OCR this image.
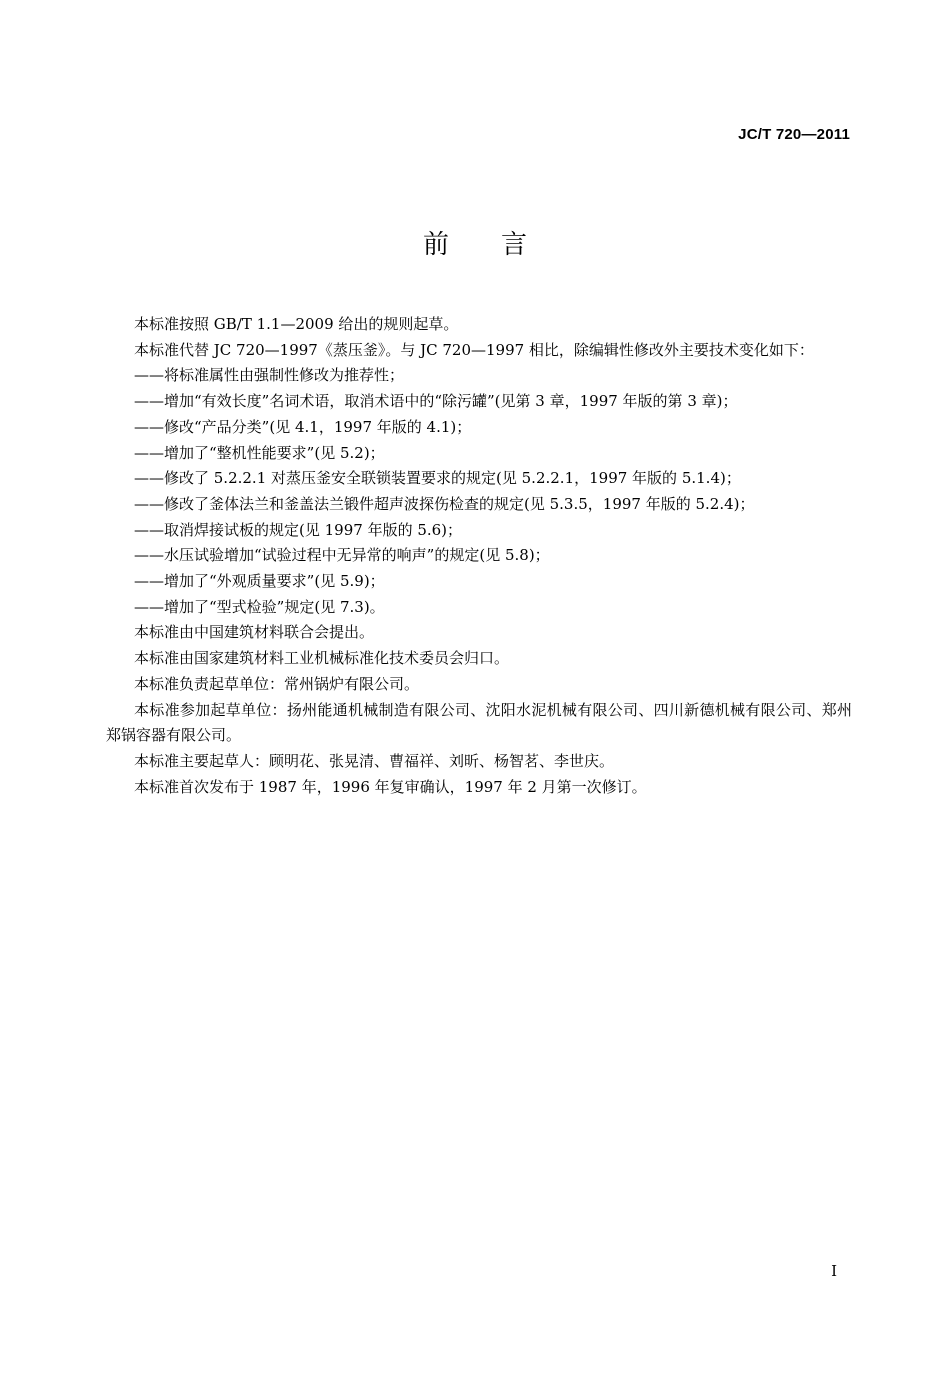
JC/T 720—2011
前言

本标准按照 GB/T 1.1—2009 给出的规则起草。

本标准代替 JC 720—1997《蒸压釜》。与 JC 720—1997 相比，除编辑性修改外主要技术变化如下：

——将标准属性由强制性修改为推荐性；

——增加“有效长度”名词术语，取消术语中的“除污罐”(见第 3 章，1997 年版的第 3 章)；

——修改“产品分类”(见 4.1，1997 年版的 4.1)；

——增加了“整机性能要求”(见 5.2)；

——修改了 5.2.2.1 对蒸压釜安全联锁装置要求的规定(见 5.2.2.1，1997 年版的 5.1.4)；

——修改了釜体法兰和釜盖法兰锻件超声波探伤检查的规定(见 5.3.5，1997 年版的 5.2.4)；

——取消焊接试板的规定(见 1997 年版的 5.6)；

——水压试验增加“试验过程中无异常的响声”的规定(见 5.8)；

——增加了“外观质量要求”(见 5.9)；

——增加了“型式检验”规定(见 7.3)。

本标准由中国建筑材料联合会提出。

本标准由国家建筑材料工业机械标准化技术委员会归口。

本标准负责起草单位：常州锅炉有限公司。

本标准参加起草单位：扬州能通机械制造有限公司、沈阳水泥机械有限公司、四川新德机械有限公司、郑州郑锅容器有限公司。

本标准主要起草人：顾明花、张晃清、曹福祥、刘昕、杨智茗、李世庆。

本标准首次发布于 1987 年，1996 年复审确认，1997 年 2 月第一次修订。

I
